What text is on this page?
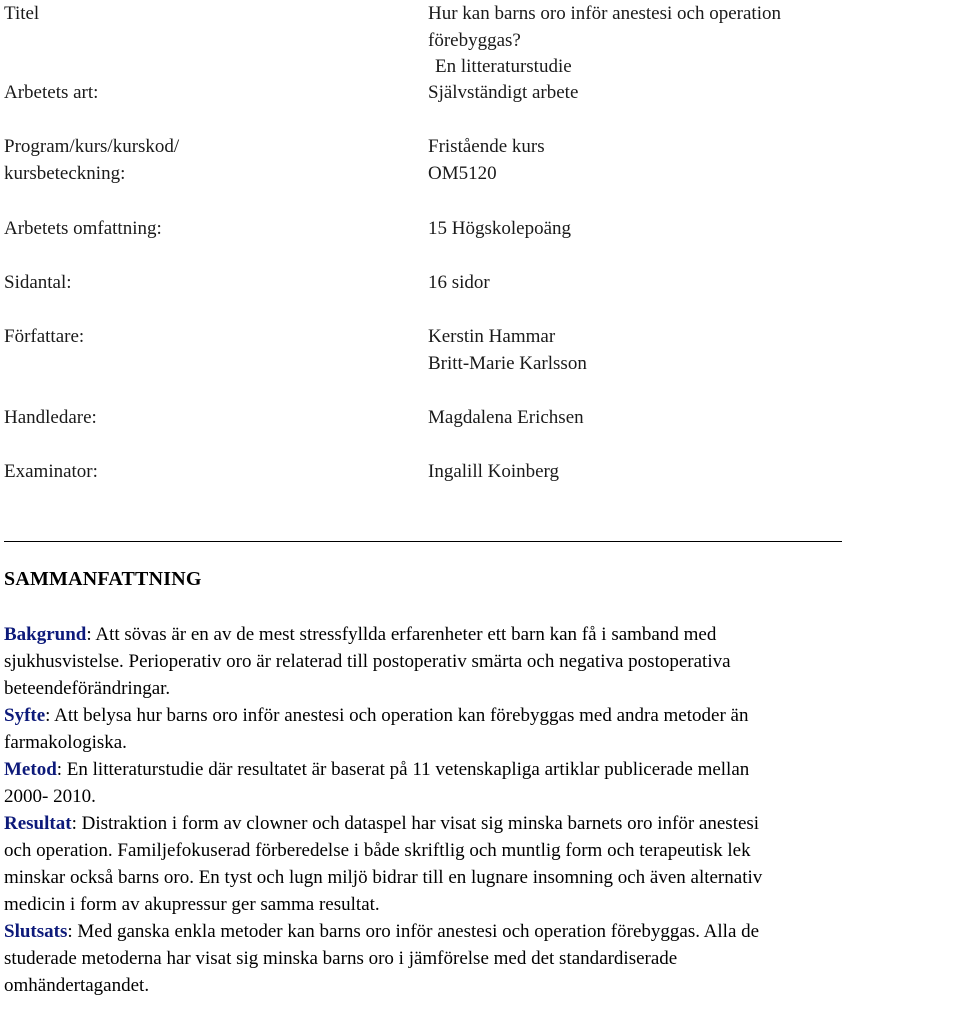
Titel	Hur kan barns oro inför anestesi och operation
förebyggas?
En litteraturstudie
Arbetets art:	Självständigt arbete
Program/kurs/kurskod/	Fristående kurs
kursbeteckning:	OM5120
Arbetets omfattning:	15 Högskolepoäng
Sidantal:	16 sidor
Författare:	Kerstin Hammar
Britt-Marie Karlsson
Handledare:	Magdalena Erichsen
Examinator:	Ingalill Koinberg
SAMMANFATTNING
Bakgrund: Att sövas är en av de mest stressfyllda erfarenheter ett barn kan få i samband med
sjukhusvistelse. Perioperativ oro är relaterad till postoperativ smärta och negativa postoperativa
beteendeförändringar.
Syfte: Att belysa hur barns oro inför anestesi och operation kan förebyggas med andra metoder än
farmakologiska.
Metod: En litteraturstudie där resultatet är baserat på 11 vetenskapliga artiklar publicerade mellan
2000- 2010.
Resultat: Distraktion i form av clowner och dataspel har visat sig minska barnets oro inför anestesi
och operation. Familjefokuserad förberedelse i både skriftlig och muntlig form och terapeutisk lek
minskar också barns oro. En tyst och lugn miljö bidrar till en lugnare insomning och även alternativ
medicin i form av akupressur ger samma resultat.
Slutsats: Med ganska enkla metoder kan barns oro inför anestesi och operation förebyggas. Alla de
studerade metoderna har visat sig minska barns oro i jämförelse med det standardiserade
omhändertagandet.
